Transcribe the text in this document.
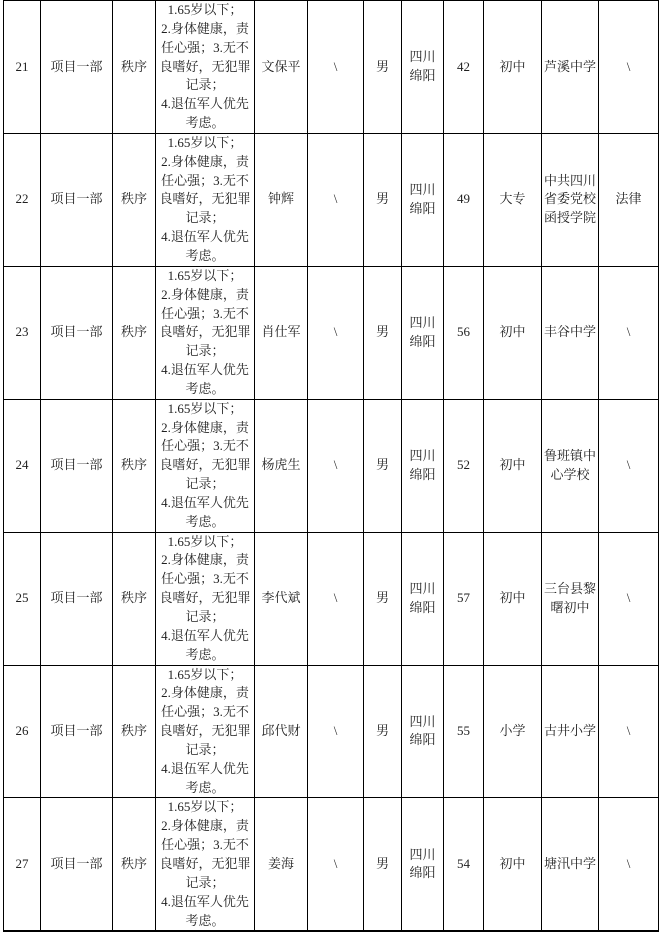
21	项目一部	秩序	1.65岁以下；
2.身体健康，责任心强；3.无不良嗜好，无犯罪记录；
4.退伍军人优先考虑。	文保平	\	男	四川绵阳	42	初中	芦溪中学	\
22	项目一部	秩序	1.65岁以下；
2.身体健康，责任心强；3.无不良嗜好，无犯罪记录；
4.退伍军人优先考虑。	钟辉	\	男	四川绵阳	49	大专	中共四川省委党校函授学院	法律
23	项目一部	秩序	1.65岁以下；
2.身体健康，责任心强；3.无不良嗜好，无犯罪记录；
4.退伍军人优先考虑。	肖仕军	\	男	四川绵阳	56	初中	丰谷中学	\
24	项目一部	秩序	1.65岁以下；
2.身体健康，责任心强；3.无不良嗜好，无犯罪记录；
4.退伍军人优先考虑。	杨虎生	\	男	四川绵阳	52	初中	鲁班镇中心学校	\
25	项目一部	秩序	1.65岁以下；
2.身体健康，责任心强；3.无不良嗜好，无犯罪记录；
4.退伍军人优先考虑。	李代斌	\	男	四川绵阳	57	初中	三台县黎曙初中	\
26	项目一部	秩序	1.65岁以下；
2.身体健康，责任心强；3.无不良嗜好，无犯罪记录；
4.退伍军人优先考虑。	邱代财	\	男	四川绵阳	55	小学	古井小学	\
27	项目一部	秩序	1.65岁以下；
2.身体健康，责任心强；3.无不良嗜好，无犯罪记录；
4.退伍军人优先考虑。	姜海	\	男	四川绵阳	54	初中	塘汛中学	\
